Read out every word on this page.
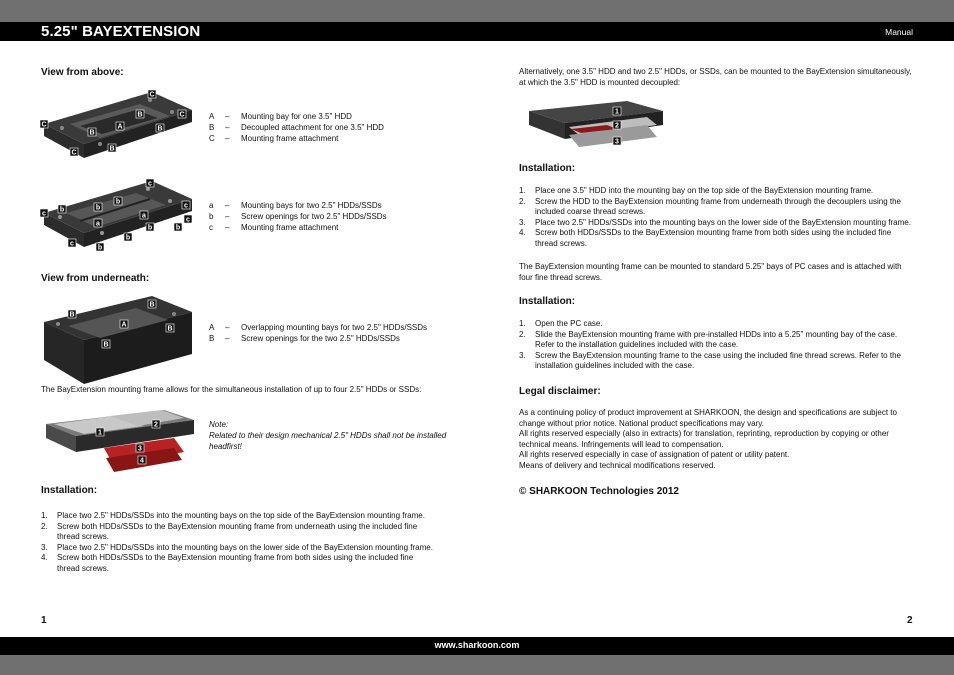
5.25" BAYEXTENSION	Manual
www.sharkoon.com
View from above:
C
B	C
C
B
A	B
B
C
A	–	Mounting bay for one 3.5" HDD
B	–	Decoupled attachment for one 3.5" HDD
C	–	Mounting frame attachment
c
b	b
b
c
c
a
a
b
b	b
c
b
c
a	–	Mounting bays for two 2.5" HDDs/SSDs
b	–	Screw openings for two 2.5" HDDs/SSDs
c	–	Mounting frame attachment
View from underneath:
B
B
A
B
B
A	–	Overlapping mounting bays for two 2.5" HDDs/SSDs
B	–	Screw openings for the two 2.5" HDDs/SSDs
The BayExtension mounting frame allows for the simultaneous installation of up to four 2.5" HDDs or SSDs:
1
2
3
4
Note:
Related to their design mechanical 2.5" HDDs shall not be installed headfirst!
Installation:
1.	Place two 2.5" HDDs/SSDs into the mounting bays on the top side of the BayExtension mounting frame.
2.	Screw both HDDs/SSDs to the BayExtension mounting frame from underneath using the included fine thread screws.
3.	Place two 2.5" HDDs/SSDs into the mounting bays on the lower side of the BayExtension mounting frame.
4.	Screw both HDDs/SSDs to the BayExtension mounting frame from both sides using the included fine thread screws.
1
Alternatively, one 3.5" HDD and two 2.5" HDDs, or SSDs, can be mounted to the BayExtension simultaneously, at which the 3.5" HDD is mounted decoupled:
1
2
3
Installation:
1.	Place one 3.5" HDD into the mounting bay on the top side of the BayExtension mounting frame.
2.	Screw the HDD to the BayExtension mounting frame from underneath through the decouplers using the included coarse thread screws.
3.	Place two 2.5" HDDs/SSDs into the mounting bays on the lower side of the BayExtension mounting frame.
4.	Screw both HDDs/SSDs to the BayExtension mounting frame from both sides using the included fine thread screws.
The BayExtension mounting frame can be mounted to standard 5.25" bays of PC cases and is attached with four fine thread screws.
Installation:
1.	Open the PC case.
2.	Slide the BayExtension mounting frame with pre-installed HDDs into a 5.25" mounting bay of the case. Refer to the installation guidelines included with the case.
3.	Screw the BayExtension mounting frame to the case using the included fine thread screws. Refer to the installation guidelines included with the case.
Legal disclaimer:
As a continuing policy of product improvement at SHARKOON, the design and specifications are subject to change without prior notice. National product specifications may vary.
All rights reserved especially (also in extracts) for translation, reprinting, reproduction by copying or other technical means. Infringements will lead to compensation.
All rights reserved especially in case of assignation of patent or utility patent.
Means of delivery and technical modifications reserved.
© SHARKOON Technologies 2012
2
